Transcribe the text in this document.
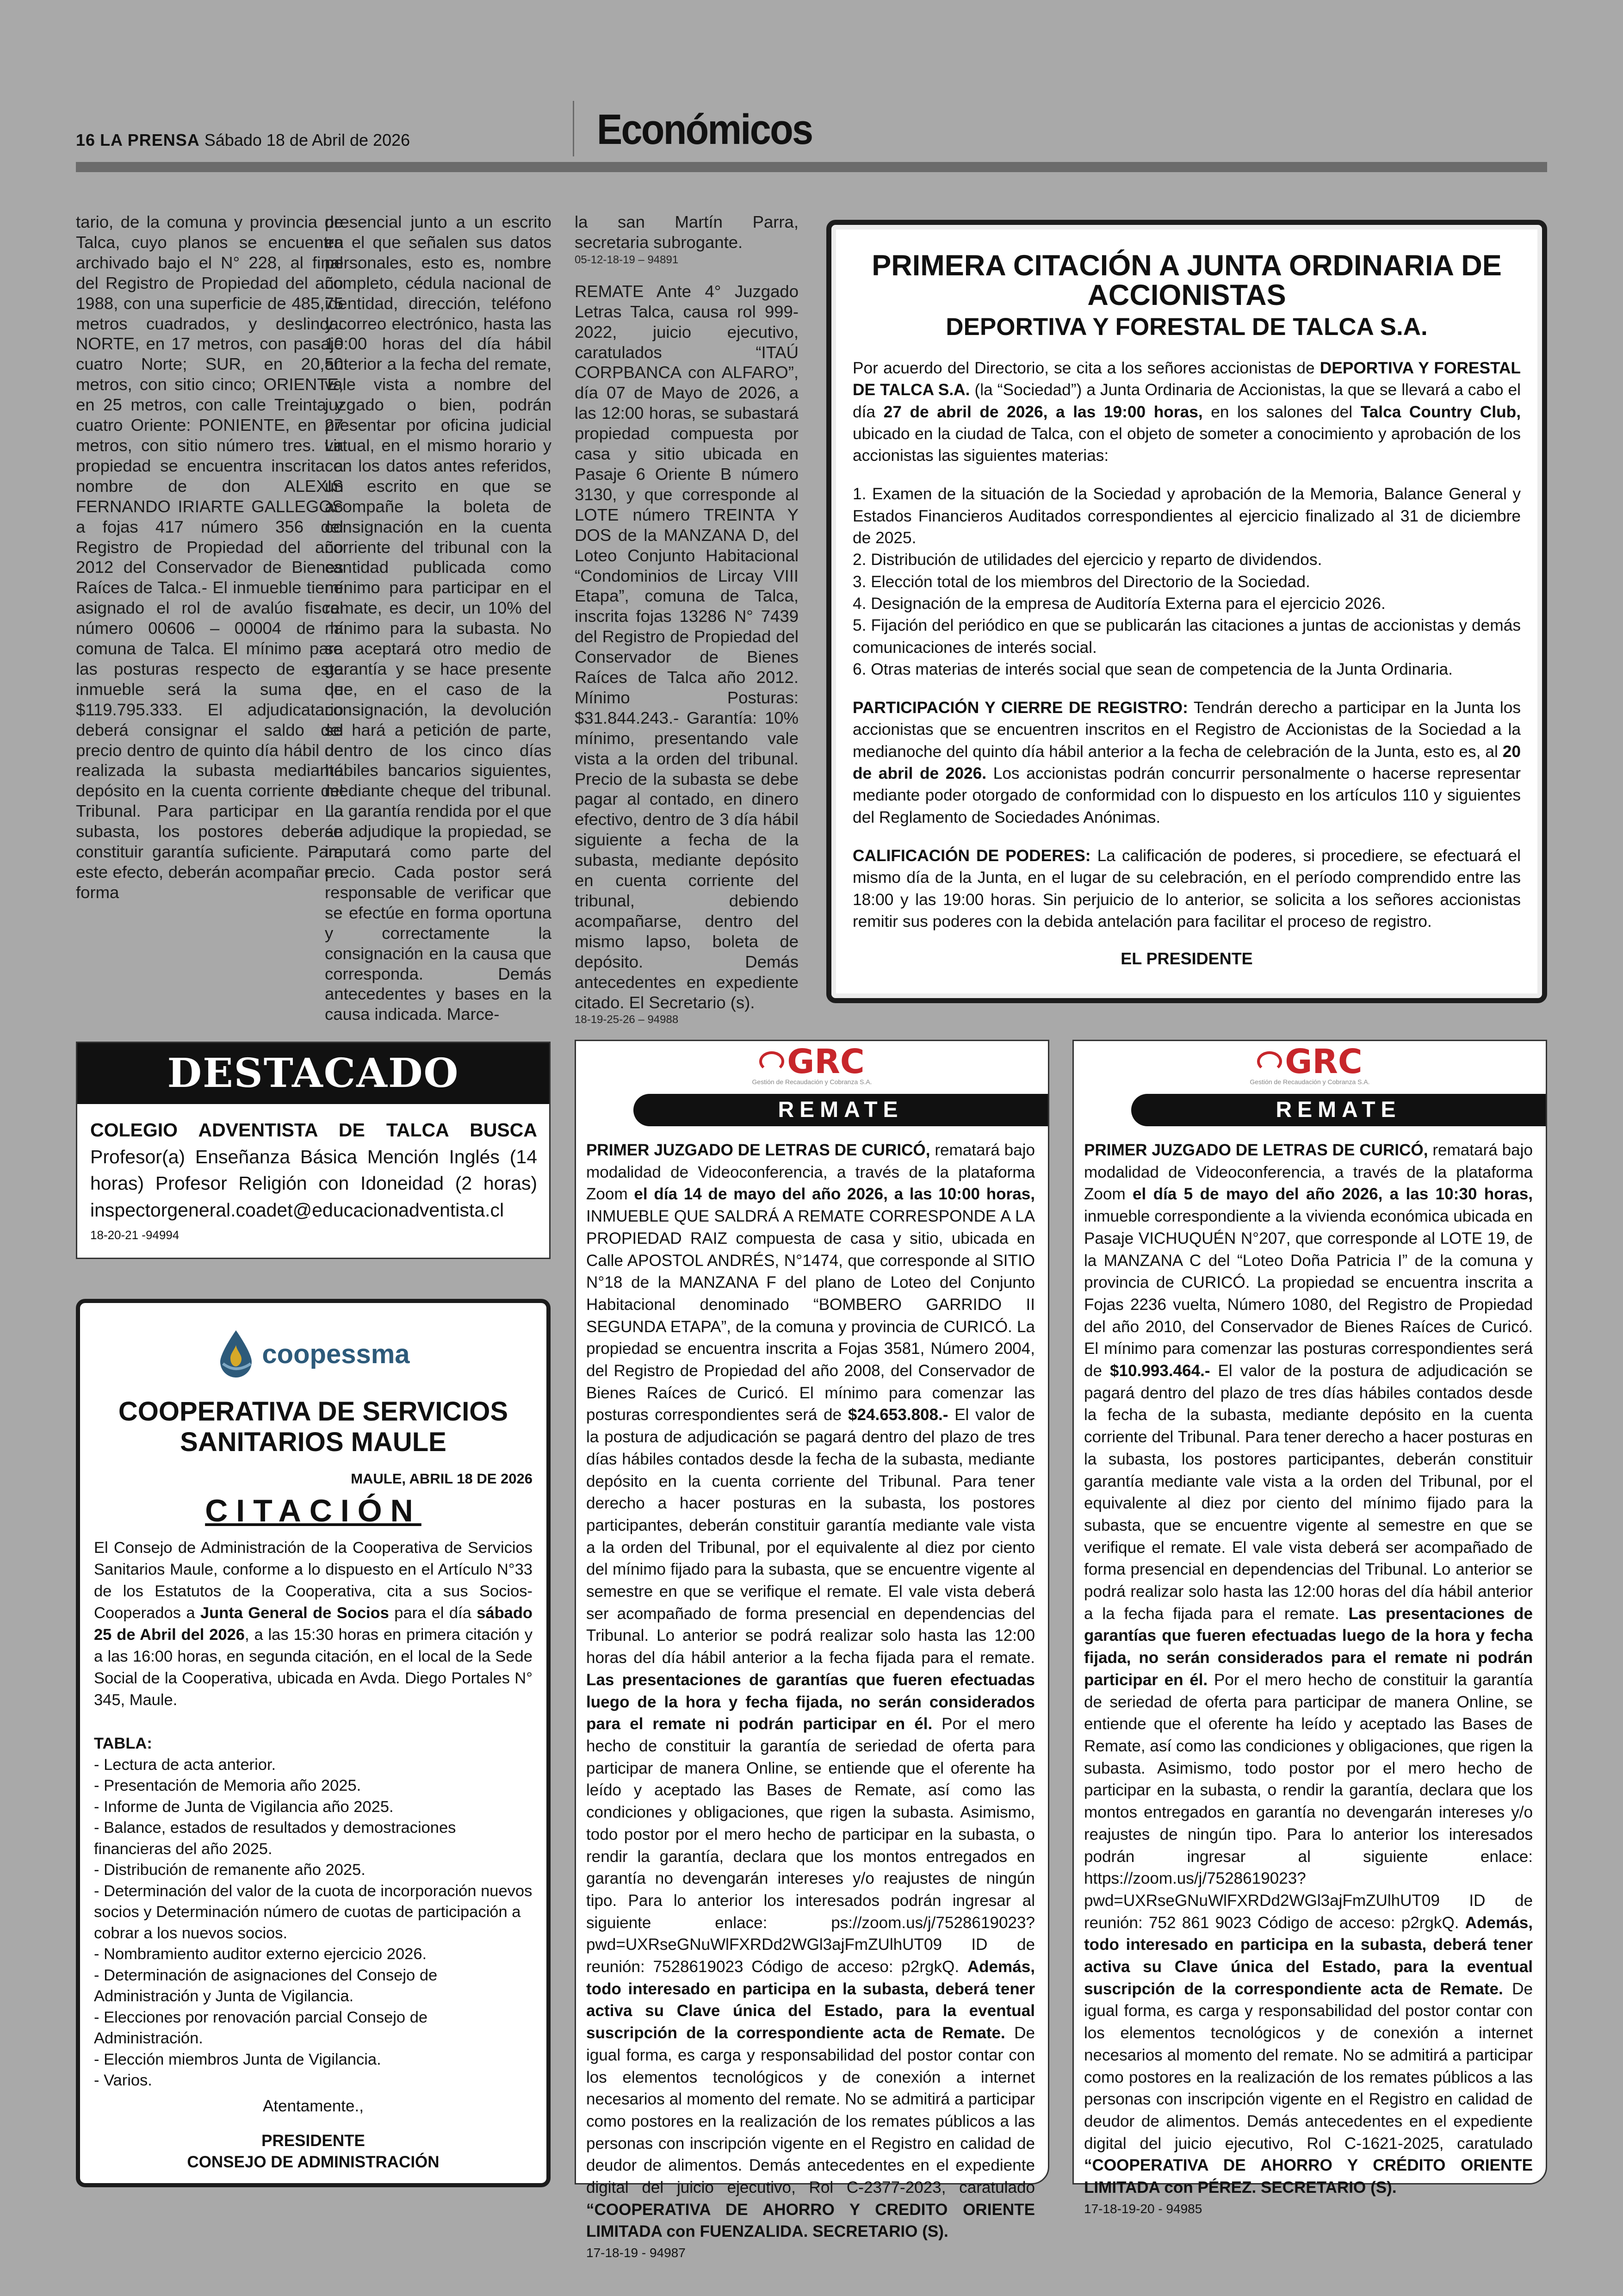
16 LA PRENSA Sábado 18 de Abril de 2026	Económicos

tario, de la comuna y provincia de Talca, cuyo planos se encuentra archivado bajo el N° 228, al final del Registro de Propiedad del año 1988, con una superficie de 485,75 metros cuadrados, y deslinda: NORTE, en 17 metros, con pasaje cuatro Norte; SUR, en 20,50 metros, con sitio cinco; ORIENTE, en 25 metros, con calle Treinta y cuatro Oriente: PONIENTE, en 27 metros, con sitio número tres. La propiedad se encuentra inscrita a nombre de don ALEXIS FERNANDO IRIARTE GALLEGOS a fojas 417 número 356 del Registro de Propiedad del año 2012 del Conservador de Bienes Raíces de Talca.- El inmueble tiene asignado el rol de avalúo fiscal número 00606 – 00004 de la comuna de Talca. El mínimo para las posturas respecto de este inmueble será la suma de $119.795.333. El adjudicatario deberá consignar el saldo del precio dentro de quinto día hábil de realizada la subasta mediante depósito en la cuenta corriente del Tribunal. Para participar en la subasta, los postores deberán constituir garantía suficiente. Para este efecto, deberán acompañar en forma

presencial junto a un escrito en el que señalen sus datos personales, esto es, nombre completo, cédula nacional de identidad, dirección, teléfono y correo electrónico, hasta las 10:00 horas del día hábil anterior a la fecha del remate, vale vista a nombre del juzgado o bien, podrán presentar por oficina judicial virtual, en el mismo horario y con los datos antes referidos, un escrito en que se acompañe la boleta de consignación en la cuenta corriente del tribunal con la cantidad publicada como mínimo para participar en el remate, es decir, un 10% del mínimo para la subasta. No se aceptará otro medio de garantía y se hace presente que, en el caso de la consignación, la devolución se hará a petición de parte, dentro de los cinco días hábiles bancarios siguientes, mediante cheque del tribunal. La garantía rendida por el que se adjudique la propiedad, se imputará como parte del precio. Cada postor será responsable de verificar que se efectúe en forma oportuna y correctamente la consignación en la causa que corresponda. Demás antecedentes y bases en la causa indicada. Marce-

la san Martín Parra, secretaria subrogante.

05-12-18-19 – 94891

REMATE Ante 4° Juzgado Letras Talca, causa rol 999-2022, juicio ejecutivo, caratulados “ITAÚ CORPBANCA con ALFARO”, día 07 de Mayo de 2026, a las 12:00 horas, se subastará propiedad compuesta por casa y sitio ubicada en Pasaje 6 Oriente B número 3130, y que corresponde al LOTE número TREINTA Y DOS de la MANZANA D, del Loteo Conjunto Habitacional “Condominios de Lircay VIII Etapa”, comuna de Talca, inscrita fojas 13286 N° 7439 del Registro de Propiedad del Conservador de Bienes Raíces de Talca año 2012. Mínimo Posturas: $31.844.243.- Garantía: 10% mínimo, presentando vale vista a la orden del tribunal. Precio de la subasta se debe pagar al contado, en dinero efectivo, dentro de 3 día hábil siguiente a fecha de la subasta, mediante depósito en cuenta corriente del tribunal, debiendo acompañarse, dentro del mismo lapso, boleta de depósito. Demás antecedentes en expediente citado. El Secretario (s).

18-19-25-26 – 94988

PRIMERA CITACIÓN A JUNTA ORDINARIA DE ACCIONISTAS
DEPORTIVA Y FORESTAL DE TALCA S.A.

Por acuerdo del Directorio, se cita a los señores accionistas de DEPORTIVA Y FORESTAL DE TALCA S.A. (la “Sociedad”) a Junta Ordinaria de Accionistas, la que se llevará a cabo el día 27 de abril de 2026, a las 19:00 horas, en los salones del Talca Country Club, ubicado en la ciudad de Talca, con el objeto de someter a conocimiento y aprobación de los accionistas las siguientes materias:

1. Examen de la situación de la Sociedad y aprobación de la Memoria, Balance General y Estados Financieros Auditados correspondientes al ejercicio finalizado al 31 de diciembre de 2025.
2. Distribución de utilidades del ejercicio y reparto de dividendos.
3. Elección total de los miembros del Directorio de la Sociedad.
4. Designación de la empresa de Auditoría Externa para el ejercicio 2026.
5. Fijación del periódico en que se publicarán las citaciones a juntas de accionistas y demás comunicaciones de interés social.
6. Otras materias de interés social que sean de competencia de la Junta Ordinaria.

PARTICIPACIÓN Y CIERRE DE REGISTRO: Tendrán derecho a participar en la Junta los accionistas que se encuentren inscritos en el Registro de Accionistas de la Sociedad a la medianoche del quinto día hábil anterior a la fecha de celebración de la Junta, esto es, al 20 de abril de 2026. Los accionistas podrán concurrir personalmente o hacerse representar mediante poder otorgado de conformidad con lo dispuesto en los artículos 110 y siguientes del Reglamento de Sociedades Anónimas.

CALIFICACIÓN DE PODERES: La calificación de poderes, si procediere, se efectuará el mismo día de la Junta, en el lugar de su celebración, en el período comprendido entre las 18:00 y las 19:00 horas. Sin perjuicio de lo anterior, se solicita a los señores accionistas remitir sus poderes con la debida antelación para facilitar el proceso de registro.

EL PRESIDENTE
DESTACADO
COLEGIO ADVENTISTA DE TALCA BUSCA Profesor(a) Enseñanza Básica Mención Inglés (14 horas) Profesor Religión con Idoneidad (2 horas) inspectorgeneral.coadet@educacionadventista.cl
18-20-21 -94994
coopessma
COOPERATIVA DE SERVICIOS SANITARIOS MAULE
MAULE, ABRIL 18 DE 2026
CITACIÓN
El Consejo de Administración de la Cooperativa de Servicios Sanitarios Maule, conforme a lo dispuesto en el Artículo N°33 de los Estatutos de la Cooperativa, cita a sus Socios-Cooperados a Junta General de Socios para el día sábado 25 de Abril del 2026, a las 15:30 horas en primera citación y a las 16:00 horas, en segunda citación, en el local de la Sede Social de la Cooperativa, ubicada en Avda. Diego Portales N° 345, Maule.
TABLA:
- Lectura de acta anterior.
- Presentación de Memoria año 2025.
- Informe de Junta de Vigilancia año 2025.
- Balance, estados de resultados y demostraciones financieras del año 2025.
- Distribución de remanente año 2025.
- Determinación del valor de la cuota de incorporación nuevos socios y Determinación número de cuotas de participación a cobrar a los nuevos socios.
- Nombramiento auditor externo ejercicio 2026.
- Determinación de asignaciones del Consejo de Administración y Junta de Vigilancia.
- Elecciones por renovación parcial Consejo de Administración.
- Elección miembros Junta de Vigilancia.
- Varios.
Atentamente.,
PRESIDENTE
CONSEJO DE ADMINISTRACIÓN
GRC
Gestión de Recaudación y Cobranza S.A.
REMATE
PRIMER JUZGADO DE LETRAS DE CURICÓ, rematará bajo modalidad de Videoconferencia, a través de la plataforma Zoom el día 14 de mayo del año 2026, a las 10:00 horas, INMUEBLE QUE SALDRÁ A REMATE CORRESPONDE A LA PROPIEDAD RAIZ compuesta de casa y sitio, ubicada en Calle APOSTOL ANDRÉS, N°1474, que corresponde al SITIO N°18 de la MANZANA F del plano de Loteo del Conjunto Habitacional denominado “BOMBERO GARRIDO II SEGUNDA ETAPA”, de la comuna y provincia de CURICÓ. La propiedad se encuentra inscrita a Fojas 3581, Número 2004, del Registro de Propiedad del año 2008, del Conservador de Bienes Raíces de Curicó. El mínimo para comenzar las posturas correspondientes será de $24.653.808.- El valor de la postura de adjudicación se pagará dentro del plazo de tres días hábiles contados desde la fecha de la subasta, mediante depósito en la cuenta corriente del Tribunal. Para tener derecho a hacer posturas en la subasta, los postores participantes, deberán constituir garantía mediante vale vista a la orden del Tribunal, por el equivalente al diez por ciento del mínimo fijado para la subasta, que se encuentre vigente al semestre en que se verifique el remate. El vale vista deberá ser acompañado de forma presencial en dependencias del Tribunal. Lo anterior se podrá realizar solo hasta las 12:00 horas del día hábil anterior a la fecha fijada para el remate. Las presentaciones de garantías que fueren efectuadas luego de la hora y fecha fijada, no serán considerados para el remate ni podrán participar en él. Por el mero hecho de constituir la garantía de seriedad de oferta para participar de manera Online, se entiende que el oferente ha leído y aceptado las Bases de Remate, así como las condiciones y obligaciones, que rigen la subasta. Asimismo, todo postor por el mero hecho de participar en la subasta, o rendir la garantía, declara que los montos entregados en garantía no devengarán intereses y/o reajustes de ningún tipo. Para lo anterior los interesados podrán ingresar al siguiente enlace: ps://zoom.us/j/7528619023?pwd=UXRseGNuWlFXRDd2WGl3ajFmZUlhUT09 ID de reunión: 7528619023 Código de acceso: p2rgkQ. Además, todo interesado en participa en la subasta, deberá tener activa su Clave única del Estado, para la eventual suscripción de la correspondiente acta de Remate. De igual forma, es carga y responsabilidad del postor contar con los elementos tecnológicos y de conexión a internet necesarios al momento del remate. No se admitirá a participar como postores en la realización de los remates públicos a las personas con inscripción vigente en el Registro en calidad de deudor de alimentos. Demás antecedentes en el expediente digital del juicio ejecutivo, Rol C-2377-2023, caratulado “COOPERATIVA DE AHORRO Y CREDITO ORIENTE LIMITADA con FUENZALIDA. SECRETARIO (S).
17-18-19 - 94987
GRC
Gestión de Recaudación y Cobranza S.A.
REMATE
PRIMER JUZGADO DE LETRAS DE CURICÓ, rematará bajo modalidad de Videoconferencia, a través de la plataforma Zoom el día 5 de mayo del año 2026, a las 10:30 horas, inmueble correspondiente a la vivienda económica ubicada en Pasaje VICHUQUÉN N°207, que corresponde al LOTE 19, de la MANZANA C del “Loteo Doña Patricia I” de la comuna y provincia de CURICÓ. La propiedad se encuentra inscrita a Fojas 2236 vuelta, Número 1080, del Registro de Propiedad del año 2010, del Conservador de Bienes Raíces de Curicó. El mínimo para comenzar las posturas correspondientes será de $10.993.464.- El valor de la postura de adjudicación se pagará dentro del plazo de tres días hábiles contados desde la fecha de la subasta, mediante depósito en la cuenta corriente del Tribunal. Para tener derecho a hacer posturas en la subasta, los postores participantes, deberán constituir garantía mediante vale vista a la orden del Tribunal, por el equivalente al diez por ciento del mínimo fijado para la subasta, que se encuentre vigente al semestre en que se verifique el remate. El vale vista deberá ser acompañado de forma presencial en dependencias del Tribunal. Lo anterior se podrá realizar solo hasta las 12:00 horas del día hábil anterior a la fecha fijada para el remate. Las presentaciones de garantías que fueren efectuadas luego de la hora y fecha fijada, no serán considerados para el remate ni podrán participar en él. Por el mero hecho de constituir la garantía de seriedad de oferta para participar de manera Online, se entiende que el oferente ha leído y aceptado las Bases de Remate, así como las condiciones y obligaciones, que rigen la subasta. Asimismo, todo postor por el mero hecho de participar en la subasta, o rendir la garantía, declara que los montos entregados en garantía no devengarán intereses y/o reajustes de ningún tipo. Para lo anterior los interesados podrán ingresar al siguiente enlace: https://zoom.us/j/7528619023?pwd=UXRseGNuWlFXRDd2WGl3ajFmZUlhUT09 ID de reunión: 752 861 9023 Código de acceso: p2rgkQ. Además, todo interesado en participa en la subasta, deberá tener activa su Clave única del Estado, para la eventual suscripción de la correspondiente acta de Remate. De igual forma, es carga y responsabilidad del postor contar con los elementos tecnológicos y de conexión a internet necesarios al momento del remate. No se admitirá a participar como postores en la realización de los remates públicos a las personas con inscripción vigente en el Registro en calidad de deudor de alimentos. Demás antecedentes en el expediente digital del juicio ejecutivo, Rol C-1621-2025, caratulado “COOPERATIVA DE AHORRO Y CRÉDITO ORIENTE LIMITADA con PÉREZ. SECRETARIO (S).
17-18-19-20 - 94985
